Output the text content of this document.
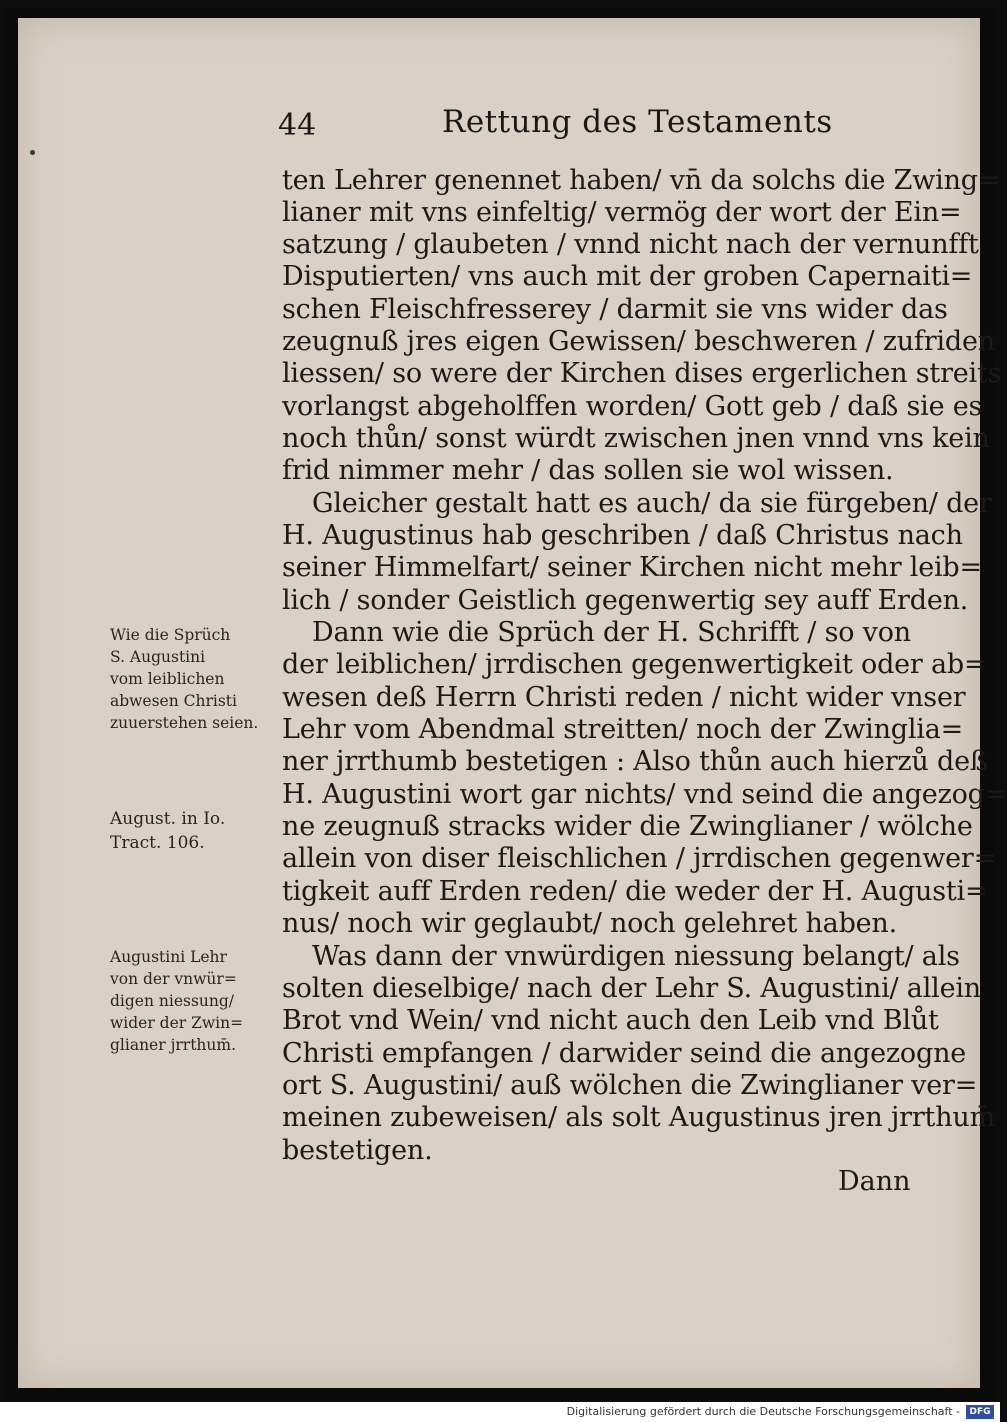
44	Rettung des Testaments
ten Lehrer genennet haben/ vn̄ da solchs die Zwing=
lianer mit vns einfeltig/ vermög der wort der Ein=
satzung / glaubeten / vnnd nicht nach der vernunfft
Disputierten/ vns auch mit der groben Capernaiti=
schen Fleischfresserey / darmit sie vns wider das
zeugnuß jres eigen Gewissen/ beschweren / zufriden
liessen/ so were der Kirchen dises ergerlichen streits
vorlangst abgeholffen worden/ Gott geb / daß sie es
noch thůn/ sonst würdt zwischen jnen vnnd vns kein
frid nimmer mehr / das sollen sie wol wissen.
Gleicher gestalt hatt es auch/ da sie fürgeben/ der
H. Augustinus hab geschriben / daß Christus nach
seiner Himmelfart/ seiner Kirchen nicht mehr leib=
lich / sonder Geistlich gegenwertig sey auff Erden.
Dann wie die Sprüch der H. Schrifft / so von
der leiblichen/ jrrdischen gegenwertigkeit oder ab=
wesen deß Herrn Christi reden / nicht wider vnser
Lehr vom Abendmal streitten/ noch der Zwinglia=
ner jrrthumb bestetigen : Also thůn auch hierzů deß
H. Augustini wort gar nichts/ vnd seind die angezog=
ne zeugnuß stracks wider die Zwinglianer / wölche
allein von diser fleischlichen / jrrdischen gegenwer=
tigkeit auff Erden reden/ die weder der H. Augusti=
nus/ noch wir geglaubt/ noch gelehret haben.
Was dann der vnwürdigen niessung belangt/ als
solten dieselbige/ nach der Lehr S. Augustini/ allein
Brot vnd Wein/ vnd nicht auch den Leib vnd Blůt
Christi empfangen / darwider seind die angezogne
ort S. Augustini/ auß wölchen die Zwinglianer ver=
meinen zubeweisen/ als solt Augustinus jren jrrthum̄
bestetigen.
Dann
Wie die Sprüch
S. Augustini
vom leiblichen
abwesen Christi
zuuerstehen seien.
August. in Io.
Tract. 106.
Augustini Lehr
von der vnwür=
digen niessung/
wider der Zwin=
glianer jrrthum̄.
Digitalisierung gefördert durch die Deutsche Forschungsgemeinschaft -	DFG
